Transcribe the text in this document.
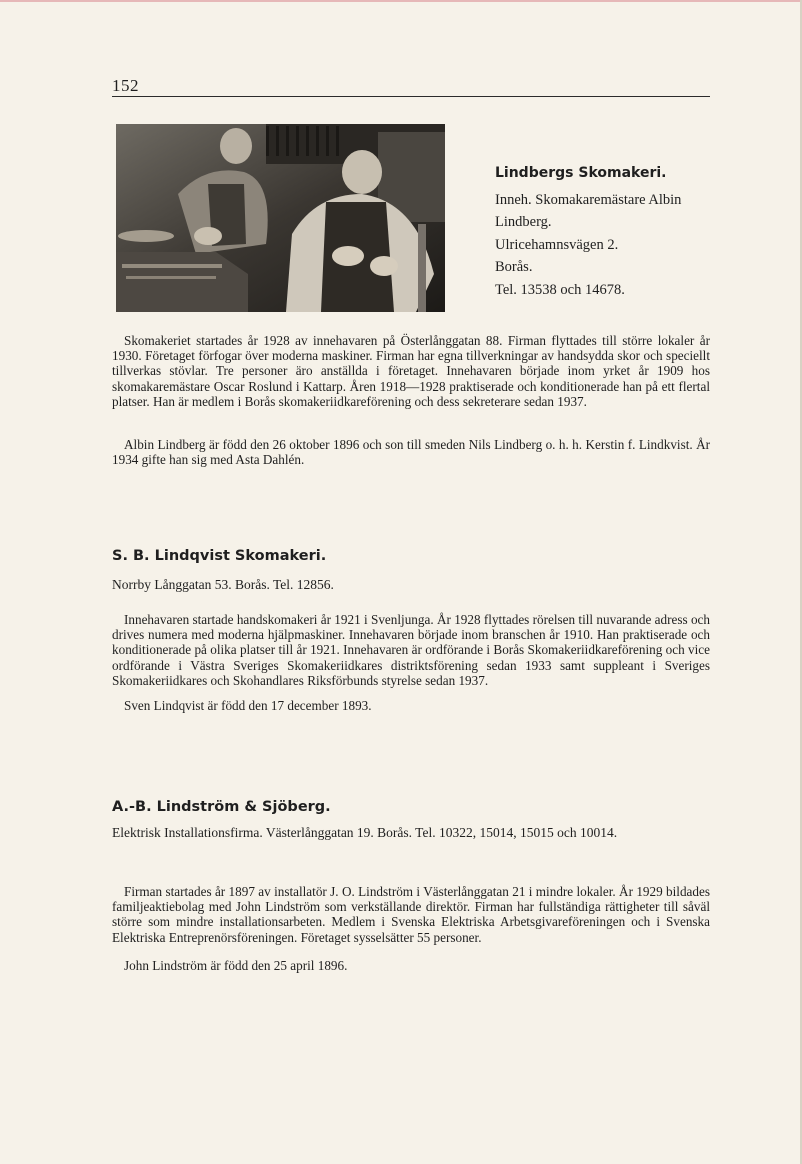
152
Lindbergs Skomakeri.
Inneh. Skomakaremästare Albin
Lindberg.
Ulricehamnsvägen 2.
Borås.
Tel. 13538 och 14678.

Skomakeriet startades år 1928 av innehavaren på Österlånggatan 88. Firman flyttades till större lokaler år 1930. Företaget förfogar över moderna maskiner. Firman har egna tillverkningar av handsydda skor och speciellt tillverkas stövlar. Tre personer äro anställda i företaget. Innehavaren började inom yrket år 1909 hos skomakaremästare Oscar Roslund i Kattarp. Åren 1918—1928 praktiserade och konditionerade han på ett flertal platser. Han är medlem i Borås skomakeriidkareförening och dess sekreterare sedan 1937.

Albin Lindberg är född den 26 oktober 1896 och son till smeden Nils Lindberg o. h. h. Kerstin f. Lindkvist. År 1934 gifte han sig med Asta Dahlén.

S. B. Lindqvist Skomakeri.
Norrby Långgatan 53. Borås. Tel. 12856.

Innehavaren startade handskomakeri år 1921 i Svenljunga. År 1928 flyttades rörelsen till nuvarande adress och drives numera med moderna hjälpmaskiner. Innehavaren började inom branschen år 1910. Han praktiserade och konditionerade på olika platser till år 1921. Innehavaren är ordförande i Borås Skomakeriidkareförening och vice ordförande i Västra Sveriges Skomakeriidkares distriktsförening sedan 1933 samt suppleant i Sveriges Skomakeriidkares och Skohandlares Riksförbunds styrelse sedan 1937.

Sven Lindqvist är född den 17 december 1893.

A.-B. Lindström & Sjöberg.
Elektrisk Installationsfirma. Västerlånggatan 19. Borås. Tel. 10322, 15014, 15015 och 10014.

Firman startades år 1897 av installatör J. O. Lindström i Västerlånggatan 21 i mindre lokaler. År 1929 bildades familjeaktiebolag med John Lindström som verkställande direktör. Firman har fullständiga rättigheter till såväl större som mindre installationsarbeten. Medlem i Svenska Elektriska Arbetsgivareföreningen och i Svenska Elektriska Entreprenörsföreningen. Företaget sysselsätter 55 personer.

John Lindström är född den 25 april 1896.
